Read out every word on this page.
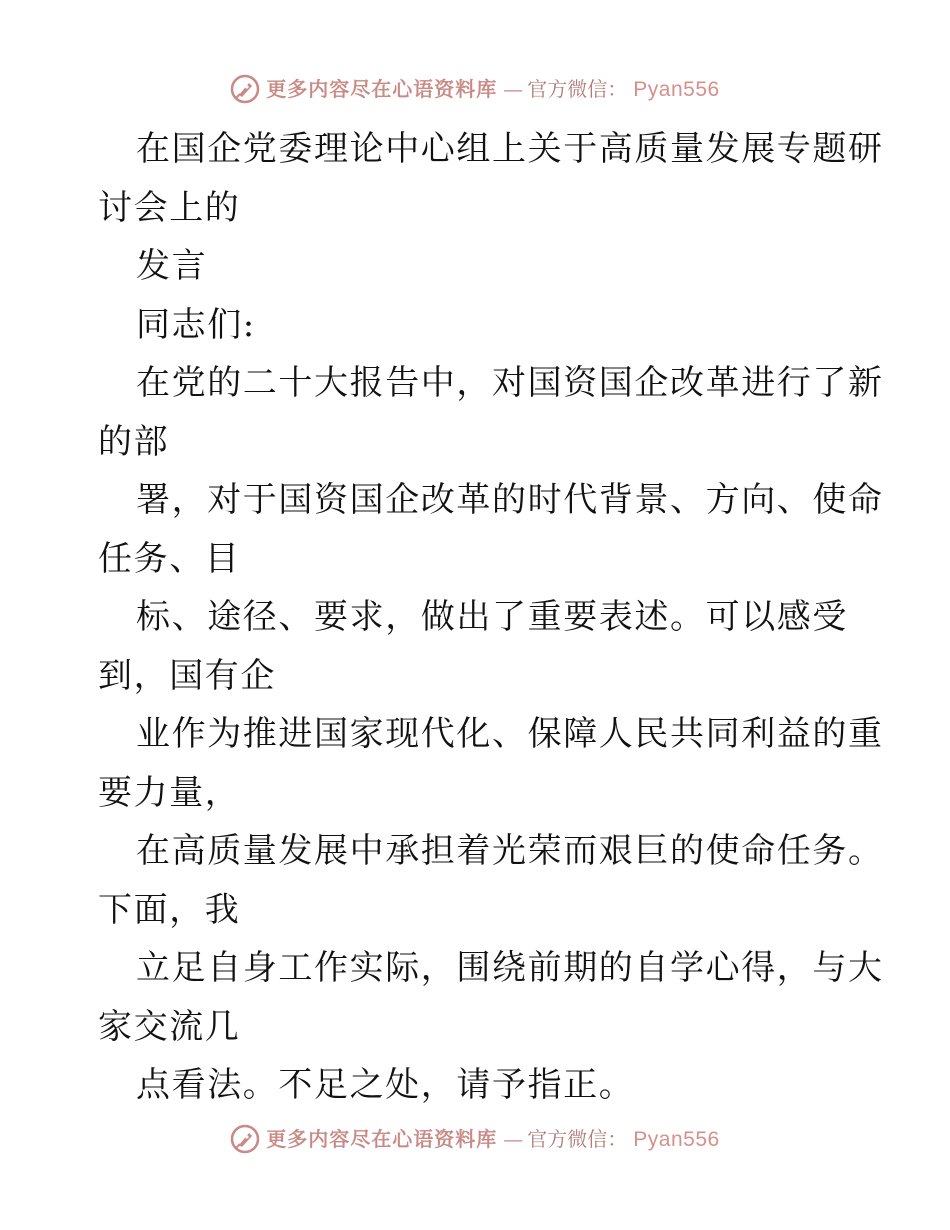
更多内容尽在心语资料库 — 官方微信： Pyan556
在国企党委理论中心组上关于高质量发展专题研
讨会上的
发言
同志们:
在党的二十大报告中，对国资国企改革进行了新
的部
署，对于国资国企改革的时代背景、方向、使命
任务、目
标、途径、要求，做出了重要表述。可以感受
到，国有企
业作为推进国家现代化、保障人民共同利益的重
要力量，
在高质量发展中承担着光荣而艰巨的使命任务。
下面，我
立足自身工作实际，围绕前期的自学心得，与大
家交流几
点看法。不足之处，请予指正。
更多内容尽在心语资料库 — 官方微信： Pyan556
